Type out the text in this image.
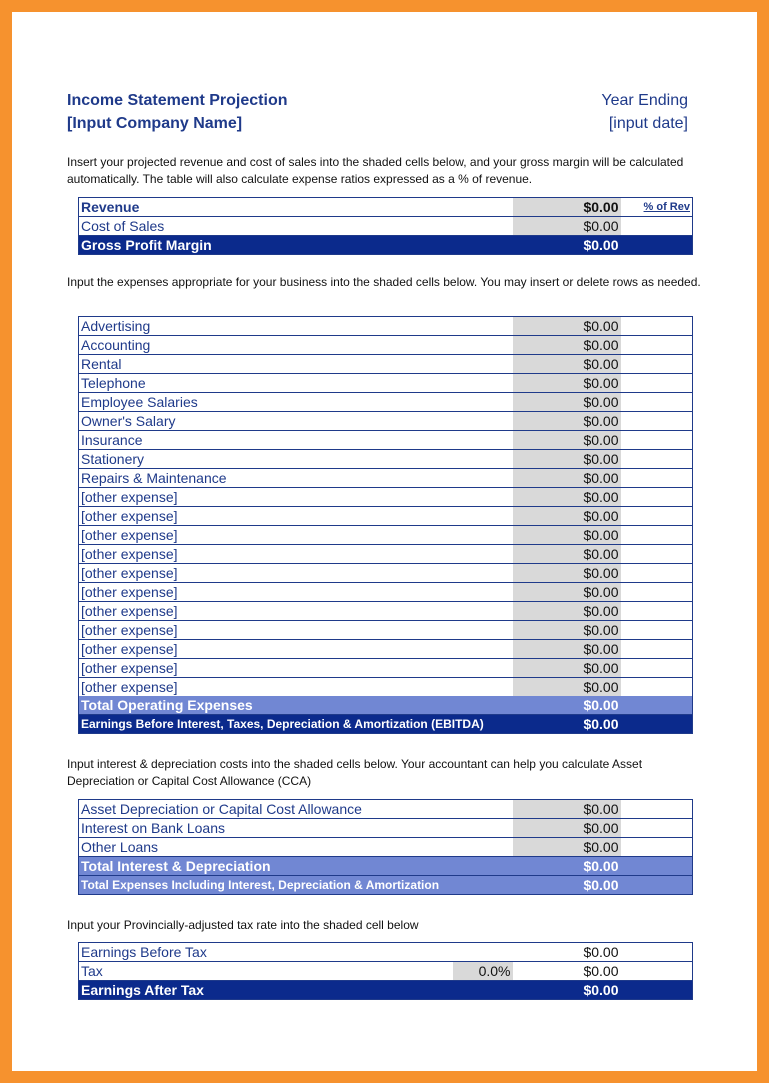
Income Statement Projection
[Input Company Name]
Year Ending
[input date]

Insert your projected revenue and cost of sales into the shaded cells below, and your gross margin will be calculated automatically. The table will also calculate expense ratios expressed as a % of revenue.

Revenue	$0.00	% of Rev
Cost of Sales	$0.00	
Gross Profit Margin	$0.00	

Input the expenses appropriate for your business into the shaded cells below. You may insert or delete rows as needed.

Advertising	$0.00	
Accounting	$0.00	
Rental	$0.00	
Telephone	$0.00	
Employee Salaries	$0.00	
Owner's Salary	$0.00	
Insurance	$0.00	
Stationery	$0.00	
Repairs & Maintenance	$0.00	
[other expense]	$0.00	
[other expense]	$0.00	
[other expense]	$0.00	
[other expense]	$0.00	
[other expense]	$0.00	
[other expense]	$0.00	
[other expense]	$0.00	
[other expense]	$0.00	
[other expense]	$0.00	
[other expense]	$0.00	
[other expense]	$0.00	
Total Operating Expenses	$0.00	
Earnings Before Interest, Taxes, Depreciation & Amortization (EBITDA)	$0.00	

Input interest & depreciation costs into the shaded cells below. Your accountant can help you calculate Asset Depreciation or Capital Cost Allowance (CCA)

Asset Depreciation or Capital Cost Allowance	$0.00	
Interest on Bank Loans	$0.00	
Other Loans	$0.00	
Total Interest & Depreciation	$0.00	
Total Expenses Including Interest, Depreciation & Amortization	$0.00	

Input your Provincially-adjusted tax rate into the shaded cell below

Earnings Before Tax		$0.00	
Tax	0.0%	$0.00	
Earnings After Tax		$0.00	
